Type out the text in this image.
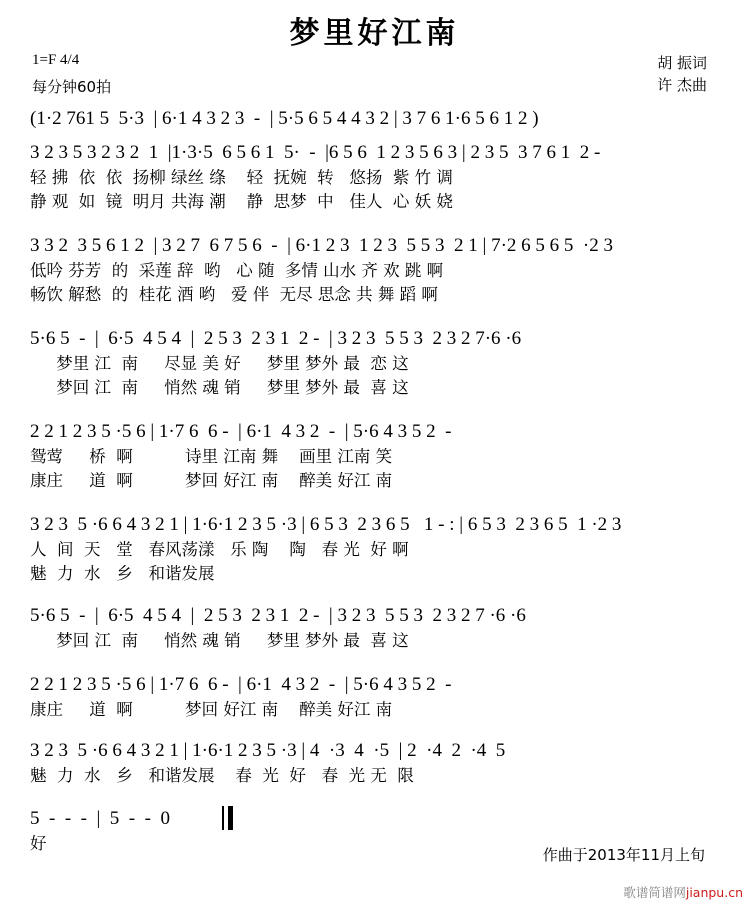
梦里好江南
1=F 4/4
每分钟60拍
胡 振词
许 杰曲
(1·2 761 5  5·3  | 6·1 4 3 2 3  -  | 5·5 6 5 4 4 3 2 | 3 7 6 1·6 5 6 1 2 )
3 2 3 5 3 2 3 2  1  |1·3·5  6 5 6 1  5·  -  |6 5 6  1 2 3 5 6 3 | 2 3 5  3 7 6 1  2 -
轻 拂  依  依  扬柳 绿丝 绦    轻  抚婉  转   悠扬  紫 竹 调
静 观  如  镜  明月 共海 潮    静  思梦  中   佳人  心 妖 娆
3 3 2  3 5 6 1 2  | 3 2 7  6 7 5 6  -  | 6·1 2 3  1 2 3  5 5 3  2 1 | 7·2 6 5 6 5  ·2 3
低吟 芬芳  的  采莲 辞  哟   心 随  多情 山水 齐 欢 跳 啊
畅饮 解愁  的  桂花 酒 哟   爱 伴  无尽 思念 共 舞 蹈 啊
5·6 5  -  |  6·5  4 5 4  |  2 5 3  2 3 1  2 -  | 3 2 3  5 5 3  2 3 2 7·6 ·6
梦里 江  南     尽显 美 好     梦里 梦外 最  恋 这
梦回 江  南     悄然 魂 销     梦里 梦外 最  喜 这
2 2 1 2 3 5 ·5 6 | 1·7 6  6 -  | 6·1  4 3 2  -  | 5·6 4 3 5 2  -
鸳莺     桥  啊          诗里 江南 舞    画里 江南 笑
康庄     道  啊          梦回 好江 南    醉美 好江 南
3 2 3  5 ·6 6 4 3 2 1 | 1·6·1 2 3 5 ·3 | 6 5 3  2 3 6 5   1 - : | 6 5 3  2 3 6 5  1 ·2 3
人  间  天   堂   春风荡漾   乐 陶    陶   春 光  好 啊
魅  力  水   乡   和谐发展
5·6 5  -  |  6·5  4 5 4  |  2 5 3  2 3 1  2 -  | 3 2 3  5 5 3  2 3 2 7 ·6 ·6
梦回 江  南     悄然 魂 销     梦里 梦外 最  喜 这
2 2 1 2 3 5 ·5 6 | 1·7 6  6 -  | 6·1  4 3 2  -  | 5·6 4 3 5 2  -
康庄     道  啊          梦回 好江 南    醉美 好江 南
3 2 3  5 ·6 6 4 3 2 1 | 1·6·1 2 3 5 ·3 | 4  ·3  4  ·5  | 2  ·4  2  ·4  5
魅  力  水   乡   和谐发展    春  光  好   春  光 无  限
5  -  -  -  |  5  -  -  0
好
作曲于2013年11月上旬
歌谱简谱网jianpu.cn
